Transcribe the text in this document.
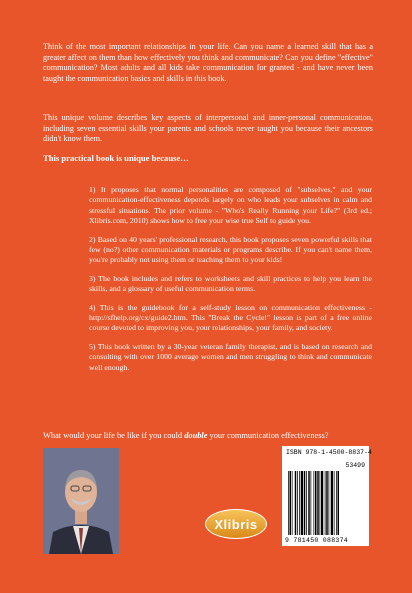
Think of the most important relationships in your life. Can you name a learned skill that has a greater affect on them than how effectively you think and communicate? Can you define "effective" communication? Most adults and all kids take communication for granted - and have never been taught the communication basics and skills in this book.

This unique volume describes key aspects of interpersonal and inner-personal communication, including seven essential skills your parents and schools never taught you because their ancestors didn't know them.

This practical book is unique because…

1) It proposes that normal personalities are composed of "subselves," and your communication-effectiveness depends largely on who leads your subselves in calm and stressful situations. The prior volume - "Who's Really Running your Life?" (3rd ed.; Xlibris.com, 2010) shows how to free your wise true Self to guide you.
2) Based on 40 years' professional research, this book proposes seven powerful skills that few (no?) other communication materials or programs describe. If you can't name them, you're probably not using them or teaching them to your kids!
3) The book includes and refers to worksheets and skill practices to help you learn the skills, and a glossary of useful communication terms.
4) This is the guidebook for a self-study lesson on communication effectiveness - http://sfhelp.org/cx/guide2.htm. This "Break the Cycle!" lesson is part of a free online course devoted to improving you, your relationships, your family, and society.
5) This book written by a 30-year veteran family therapist, and is based on research and consulting with over 1000 average women and men struggling to think and communicate well enough.

What would your life be like if you could double your communication effectiveness?

Xlibris
ISBN 978-1-4500-8837-4
53499
9 781450 088374
